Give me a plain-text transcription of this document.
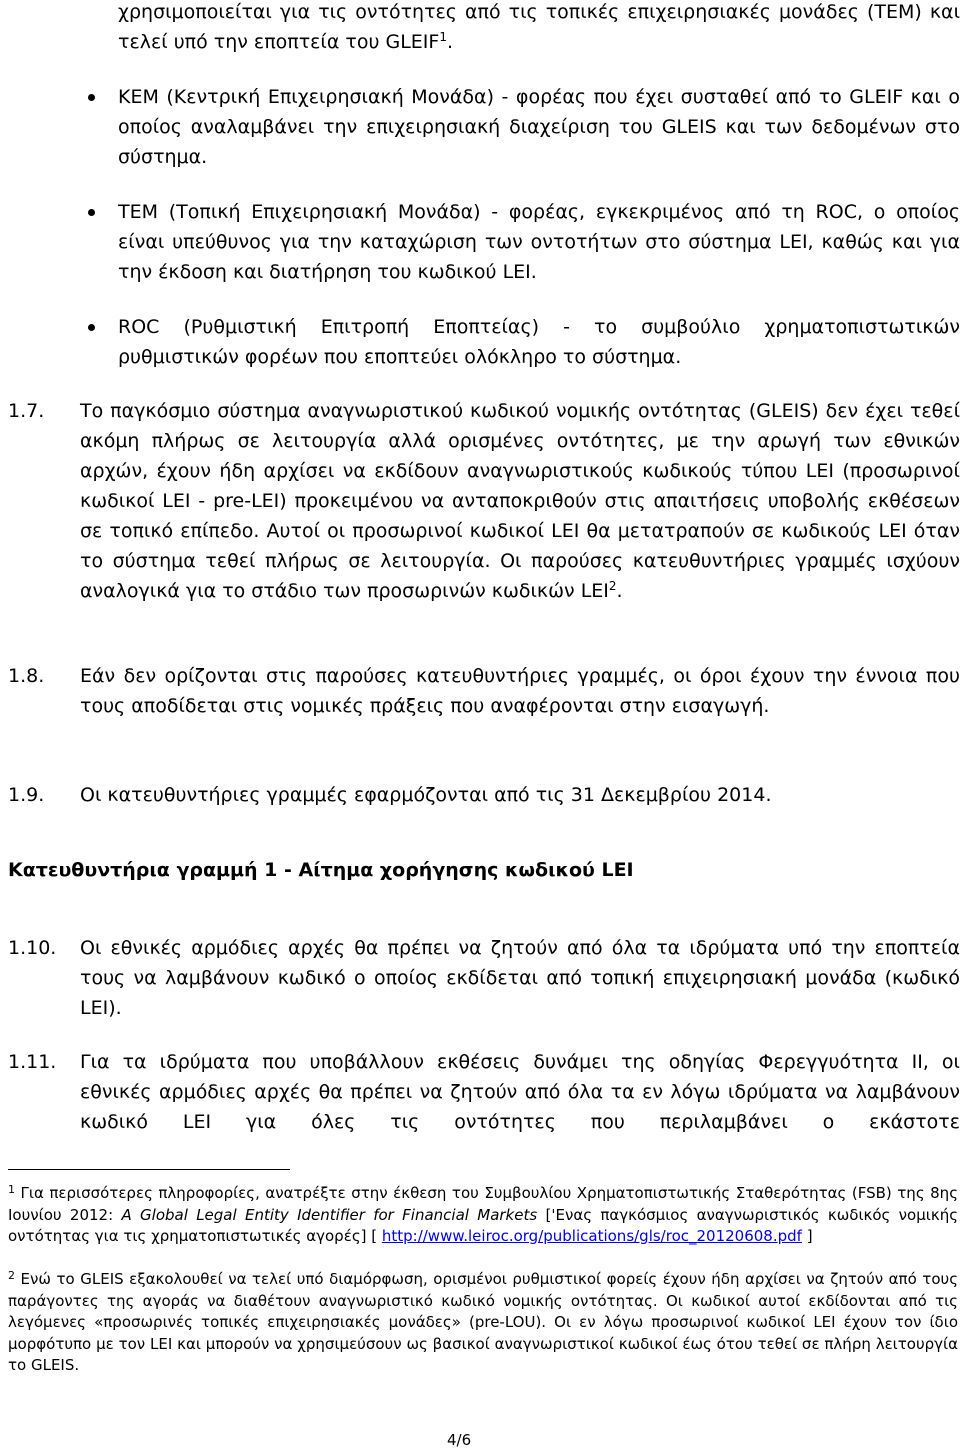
χρησιμοποιείται για τις οντότητες από τις τοπικές επιχειρησιακές μονάδες (ΤΕΜ) και τελεί υπό την εποπτεία του GLEIF$^1$.

ΚΕΜ (Κεντρική Επιχειρησιακή Μονάδα) - φορέας που έχει συσταθεί από το GLEIF και ο οποίος αναλαμβάνει την επιχειρησιακή διαχείριση του GLEIS και των δεδομένων στο σύστημα.
ΤΕΜ (Τοπική Επιχειρησιακή Μονάδα) - φορέας, εγκεκριμένος από τη ROC, ο οποίος είναι υπεύθυνος για την καταχώριση των οντοτήτων στο σύστημα LEI, καθώς και για την έκδοση και διατήρηση του κωδικού LEI.
ROC (Ρυθμιστική Επιτροπή Εποπτείας) - το συμβούλιο χρηματοπιστωτικών ρυθμιστικών φορέων που εποπτεύει ολόκληρο το σύστημα.
1.7. Το παγκόσμιο σύστημα αναγνωριστικού κωδικού νομικής οντότητας (GLEIS) δεν έχει τεθεί ακόμη πλήρως σε λειτουργία αλλά ορισμένες οντότητες, με την αρωγή των εθνικών αρχών, έχουν ήδη αρχίσει να εκδίδουν αναγνωριστικούς κωδικούς τύπου LEI (προσωρινοί κωδικοί LEI - pre-LEI) προκειμένου να ανταποκριθούν στις απαιτήσεις υποβολής εκθέσεων σε τοπικό επίπεδο. Αυτοί οι προσωρινοί κωδικοί LEI θα μετατραπούν σε κωδικούς LEI όταν το σύστημα τεθεί πλήρως σε λειτουργία. Οι παρούσες κατευθυντήριες γραμμές ισχύουν αναλογικά για το στάδιο των προσωρινών κωδικών LEI$^2$.

1.8. Εάν δεν ορίζονται στις παρούσες κατευθυντήριες γραμμές, οι όροι έχουν την έννοια που τους αποδίδεται στις νομικές πράξεις που αναφέρονται στην εισαγωγή.

1.9. Οι κατευθυντήριες γραμμές εφαρμόζονται από τις 31 Δεκεμβρίου 2014.

Κατευθυντήρια γραμμή 1 - Αίτημα χορήγησης κωδικού LEI
1.10. Οι εθνικές αρμόδιες αρχές θα πρέπει να ζητούν από όλα τα ιδρύματα υπό την εποπτεία τους να λαμβάνουν κωδικό ο οποίος εκδίδεται από τοπική επιχειρησιακή μονάδα (κωδικό LEI).

1.11. Για τα ιδρύματα που υποβάλλουν εκθέσεις δυνάμει της οδηγίας Φερεγγυότητα II, οι εθνικές αρμόδιες αρχές θα πρέπει να ζητούν από όλα τα εν λόγω ιδρύματα να λαμβάνουν κωδικό LEI για όλες τις οντότητες που περιλαμβάνει ο εκάστοτε

$^1$ Για περισσότερες πληροφορίες, ανατρέξτε στην έκθεση του Συμβουλίου Χρηματοπιστωτικής Σταθερότητας (FSB) της 8ης Ιουνίου 2012: A Global Legal Entity Identifier for Financial Markets ['Ενας παγκόσμιος αναγνωριστικός κωδικός νομικής οντότητας για τις χρηματοπιστωτικές αγορές] [ http://www.leiroc.org/publications/gls/roc_20120608.pdf ]

$^2$ Ενώ το GLEIS εξακολουθεί να τελεί υπό διαμόρφωση, ορισμένοι ρυθμιστικοί φορείς έχουν ήδη αρχίσει να ζητούν από τους παράγοντες της αγοράς να διαθέτουν αναγνωριστικό κωδικό νομικής οντότητας. Οι κωδικοί αυτοί εκδίδονται από τις λεγόμενες «προσωρινές τοπικές επιχειρησιακές μονάδες» (pre-LOU). Οι εν λόγω προσωρινοί κωδικοί LEI έχουν τον ίδιο μορφότυπο με τον LEI και μπορούν να χρησιμεύσουν ως βασικοί αναγνωριστικοί κωδικοί έως ότου τεθεί σε πλήρη λειτουργία το GLEIS.

4/6
